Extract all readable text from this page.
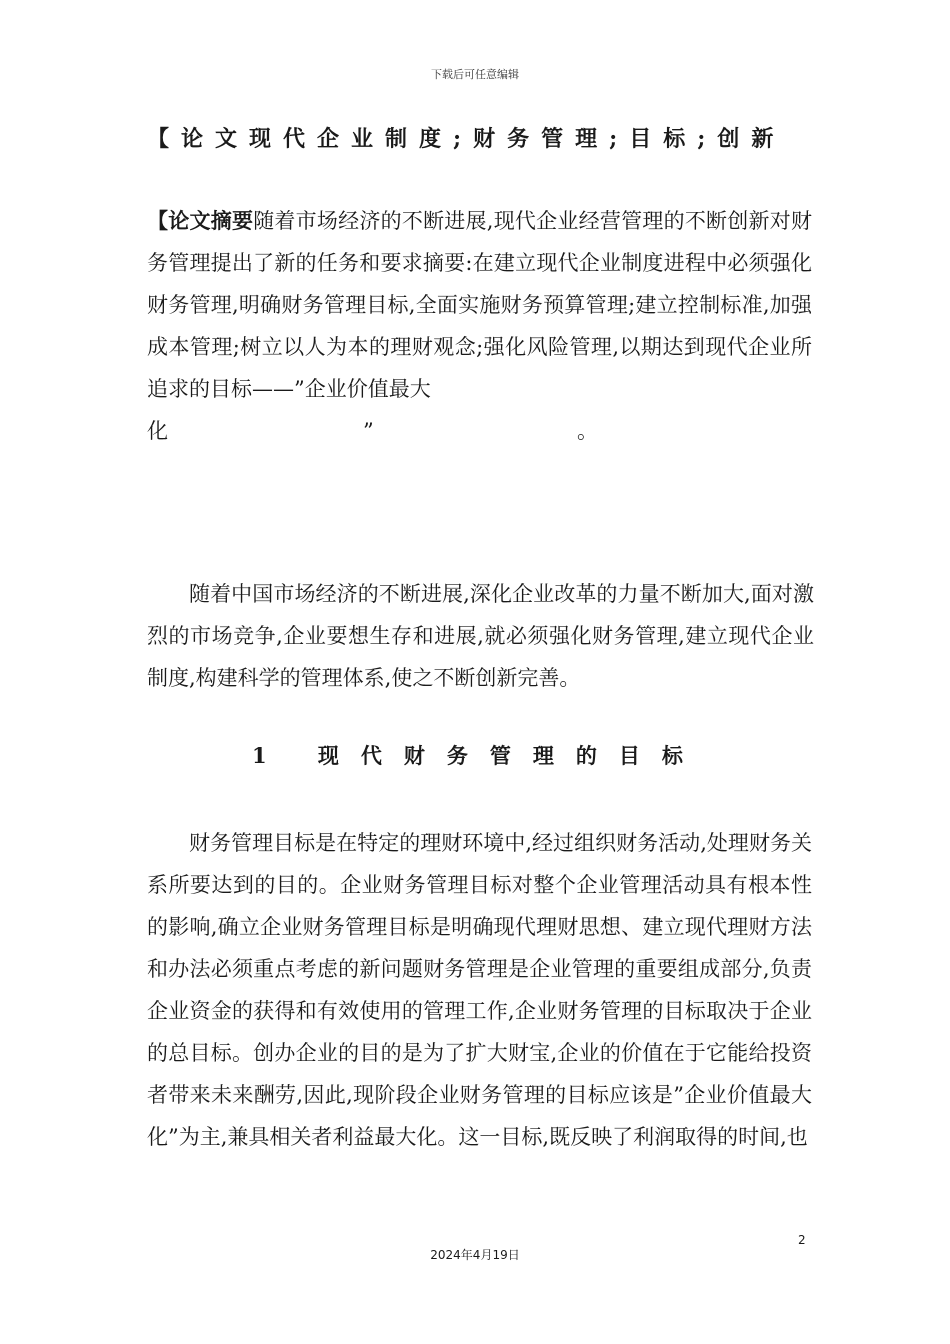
下载后可任意编辑
【论文现代企业制度;财务管理;目标;创新
【论文摘要随着市场经济的不断进展,现代企业经营管理的不断创新对财务管理提出了新的任务和要求摘要:在建立现代企业制度进程中必须强化财务管理,明确财务管理目标,全面实施财务预算管理;建立控制标准,加强成本管理;树立以人为本的理财观念;强化风险管理,以期达到现代企业所追求的目标——”企业价值最大
化	”	。
随着中国市场经济的不断进展,深化企业改革的力量不断加大,面对激烈的市场竞争,企业要想生存和进展,就必须强化财务管理,建立现代企业制度,构建科学的管理体系,使之不断创新完善。
1 现代财务管理的目标
财务管理目标是在特定的理财环境中,经过组织财务活动,处理财务关系所要达到的目的。企业财务管理目标对整个企业管理活动具有根本性的影响,确立企业财务管理目标是明确现代理财思想、建立现代理财方法和办法必须重点考虑的新问题财务管理是企业管理的重要组成部分,负责企业资金的获得和有效使用的管理工作,企业财务管理的目标取决于企业的总目标。创办企业的目的是为了扩大财宝,企业的价值在于它能给投资者带来未来酬劳,因此,现阶段企业财务管理的目标应该是”企业价值最大化”为主,兼具相关者利益最大化。这一目标,既反映了利润取得的时间,也
2
2024年4月19日
